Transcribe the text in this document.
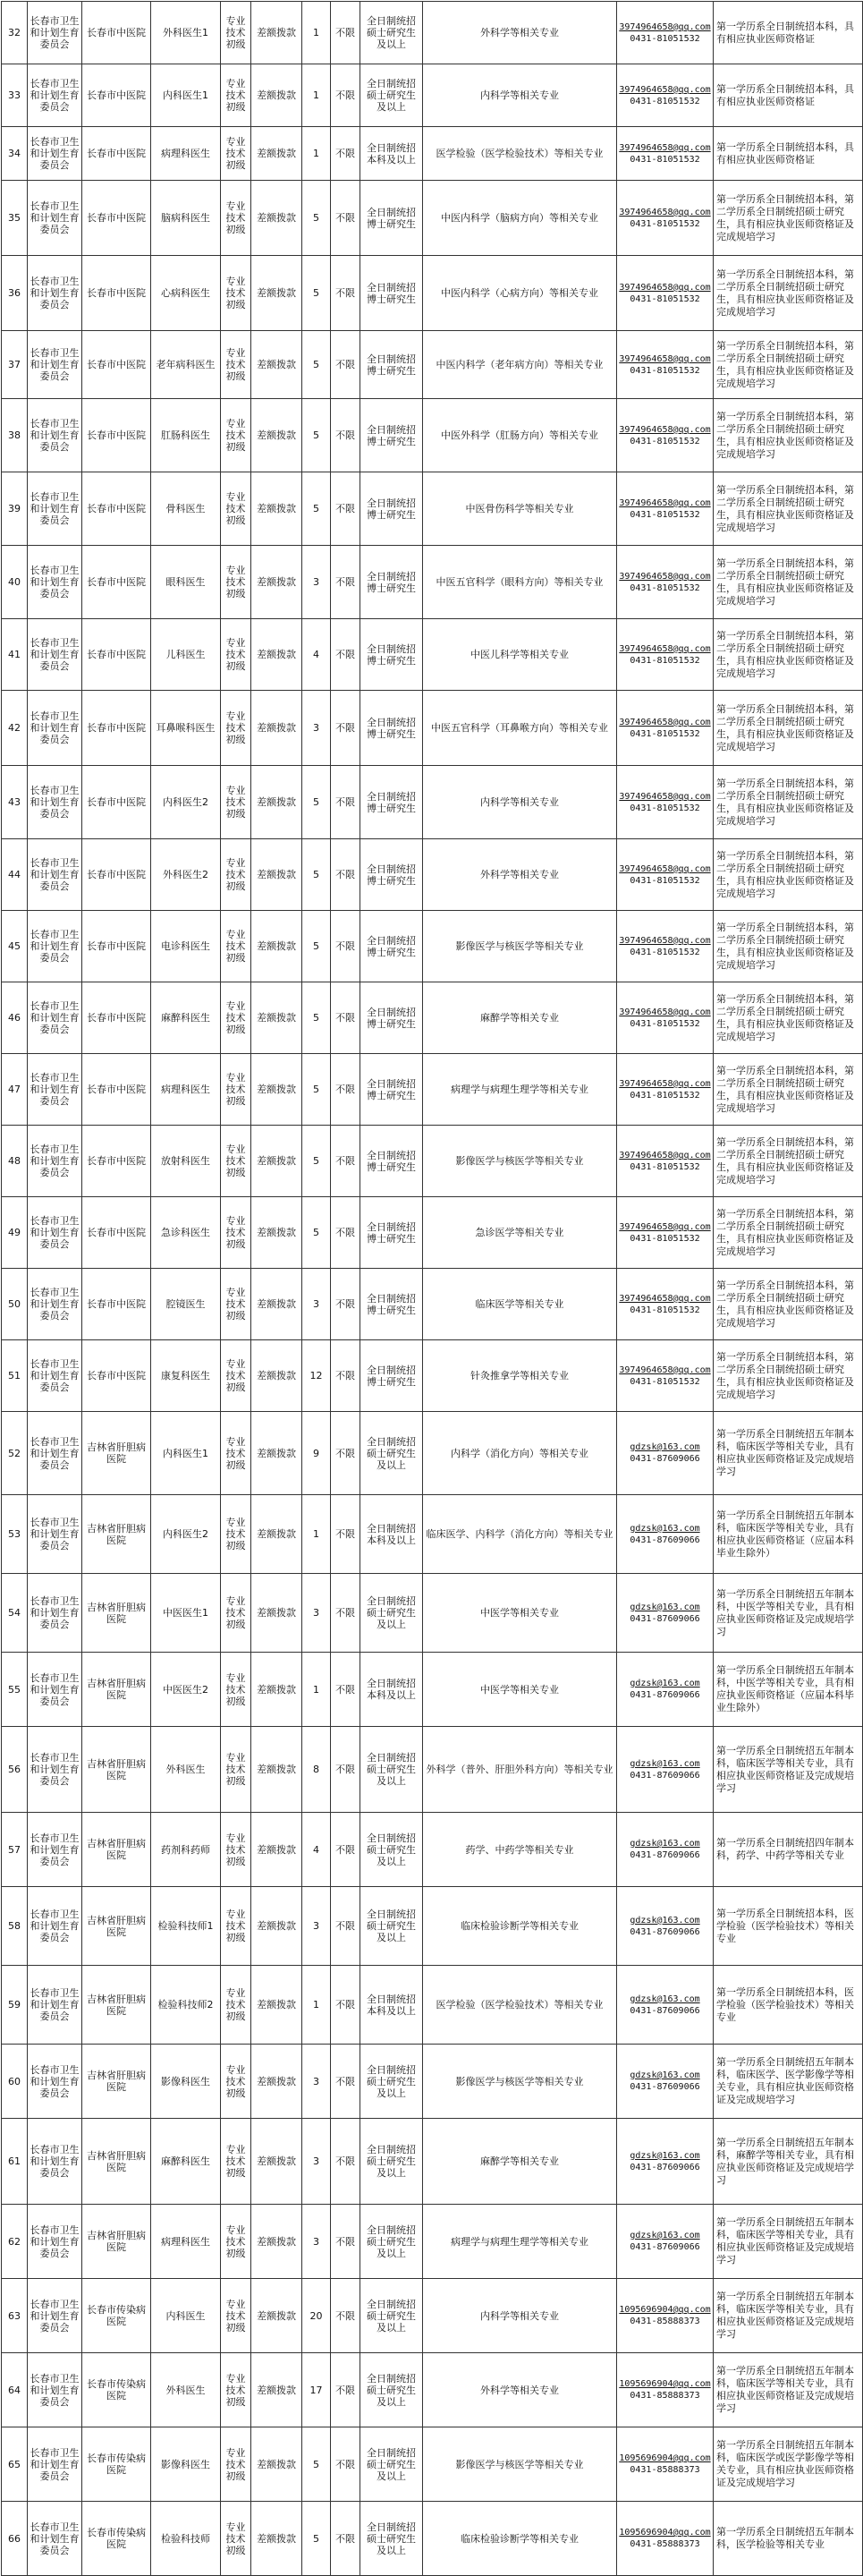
32	长春市卫生和计划生育委员会	长春市中医院	外科医生1	专业技术初级	差额拨款	1	不限	全日制统招硕士研究生及以上	外科学等相关专业	3974964658@qq.com
0431-81051532	第一学历系全日制统招本科，具有相应执业医师资格证
33	长春市卫生和计划生育委员会	长春市中医院	内科医生1	专业技术初级	差额拨款	1	不限	全日制统招硕士研究生及以上	内科学等相关专业	3974964658@qq.com
0431-81051532	第一学历系全日制统招本科，具有相应执业医师资格证
34	长春市卫生和计划生育委员会	长春市中医院	病理科医生	专业技术初级	差额拨款	1	不限	全日制统招本科及以上	医学检验（医学检验技术）等相关专业	3974964658@qq.com
0431-81051532	第一学历系全日制统招本科，具有相应执业医师资格证
35	长春市卫生和计划生育委员会	长春市中医院	脑病科医生	专业技术初级	差额拨款	5	不限	全日制统招博士研究生	中医内科学（脑病方向）等相关专业	3974964658@qq.com
0431-81051532	第一学历系全日制统招本科，第二学历系全日制统招硕士研究生，具有相应执业医师资格证及完成规培学习
36	长春市卫生和计划生育委员会	长春市中医院	心病科医生	专业技术初级	差额拨款	5	不限	全日制统招博士研究生	中医内科学（心病方向）等相关专业	3974964658@qq.com
0431-81051532	第一学历系全日制统招本科，第二学历系全日制统招硕士研究生，具有相应执业医师资格证及完成规培学习
37	长春市卫生和计划生育委员会	长春市中医院	老年病科医生	专业技术初级	差额拨款	5	不限	全日制统招博士研究生	中医内科学（老年病方向）等相关专业	3974964658@qq.com
0431-81051532	第一学历系全日制统招本科，第二学历系全日制统招硕士研究生，具有相应执业医师资格证及完成规培学习
38	长春市卫生和计划生育委员会	长春市中医院	肛肠科医生	专业技术初级	差额拨款	5	不限	全日制统招博士研究生	中医外科学（肛肠方向）等相关专业	3974964658@qq.com
0431-81051532	第一学历系全日制统招本科，第二学历系全日制统招硕士研究生，具有相应执业医师资格证及完成规培学习
39	长春市卫生和计划生育委员会	长春市中医院	骨科医生	专业技术初级	差额拨款	5	不限	全日制统招博士研究生	中医骨伤科学等相关专业	3974964658@qq.com
0431-81051532	第一学历系全日制统招本科，第二学历系全日制统招硕士研究生，具有相应执业医师资格证及完成规培学习
40	长春市卫生和计划生育委员会	长春市中医院	眼科医生	专业技术初级	差额拨款	3	不限	全日制统招博士研究生	中医五官科学（眼科方向）等相关专业	3974964658@qq.com
0431-81051532	第一学历系全日制统招本科，第二学历系全日制统招硕士研究生，具有相应执业医师资格证及完成规培学习
41	长春市卫生和计划生育委员会	长春市中医院	儿科医生	专业技术初级	差额拨款	4	不限	全日制统招博士研究生	中医儿科学等相关专业	3974964658@qq.com
0431-81051532	第一学历系全日制统招本科，第二学历系全日制统招硕士研究生，具有相应执业医师资格证及完成规培学习
42	长春市卫生和计划生育委员会	长春市中医院	耳鼻喉科医生	专业技术初级	差额拨款	3	不限	全日制统招博士研究生	中医五官科学（耳鼻喉方向）等相关专业	3974964658@qq.com
0431-81051532	第一学历系全日制统招本科，第二学历系全日制统招硕士研究生，具有相应执业医师资格证及完成规培学习
43	长春市卫生和计划生育委员会	长春市中医院	内科医生2	专业技术初级	差额拨款	5	不限	全日制统招博士研究生	内科学等相关专业	3974964658@qq.com
0431-81051532	第一学历系全日制统招本科，第二学历系全日制统招硕士研究生，具有相应执业医师资格证及完成规培学习
44	长春市卫生和计划生育委员会	长春市中医院	外科医生2	专业技术初级	差额拨款	5	不限	全日制统招博士研究生	外科学等相关专业	3974964658@qq.com
0431-81051532	第一学历系全日制统招本科，第二学历系全日制统招硕士研究生，具有相应执业医师资格证及完成规培学习
45	长春市卫生和计划生育委员会	长春市中医院	电诊科医生	专业技术初级	差额拨款	5	不限	全日制统招博士研究生	影像医学与核医学等相关专业	3974964658@qq.com
0431-81051532	第一学历系全日制统招本科，第二学历系全日制统招硕士研究生，具有相应执业医师资格证及完成规培学习
46	长春市卫生和计划生育委员会	长春市中医院	麻醉科医生	专业技术初级	差额拨款	5	不限	全日制统招博士研究生	麻醉学等相关专业	3974964658@qq.com
0431-81051532	第一学历系全日制统招本科，第二学历系全日制统招硕士研究生，具有相应执业医师资格证及完成规培学习
47	长春市卫生和计划生育委员会	长春市中医院	病理科医生	专业技术初级	差额拨款	5	不限	全日制统招博士研究生	病理学与病理生理学等相关专业	3974964658@qq.com
0431-81051532	第一学历系全日制统招本科，第二学历系全日制统招硕士研究生，具有相应执业医师资格证及完成规培学习
48	长春市卫生和计划生育委员会	长春市中医院	放射科医生	专业技术初级	差额拨款	5	不限	全日制统招博士研究生	影像医学与核医学等相关专业	3974964658@qq.com
0431-81051532	第一学历系全日制统招本科，第二学历系全日制统招硕士研究生，具有相应执业医师资格证及完成规培学习
49	长春市卫生和计划生育委员会	长春市中医院	急诊科医生	专业技术初级	差额拨款	5	不限	全日制统招博士研究生	急诊医学等相关专业	3974964658@qq.com
0431-81051532	第一学历系全日制统招本科，第二学历系全日制统招硕士研究生，具有相应执业医师资格证及完成规培学习
50	长春市卫生和计划生育委员会	长春市中医院	腔镜医生	专业技术初级	差额拨款	3	不限	全日制统招博士研究生	临床医学等相关专业	3974964658@qq.com
0431-81051532	第一学历系全日制统招本科，第二学历系全日制统招硕士研究生，具有相应执业医师资格证及完成规培学习
51	长春市卫生和计划生育委员会	长春市中医院	康复科医生	专业技术初级	差额拨款	12	不限	全日制统招博士研究生	针灸推拿学等相关专业	3974964658@qq.com
0431-81051532	第一学历系全日制统招本科，第二学历系全日制统招硕士研究生，具有相应执业医师资格证及完成规培学习
52	长春市卫生和计划生育委员会	吉林省肝胆病医院	内科医生1	专业技术初级	差额拨款	9	不限	全日制统招硕士研究生及以上	内科学（消化方向）等相关专业	gdzsk@163.com
0431-87609066	第一学历系全日制统招五年制本科，临床医学等相关专业，具有相应执业医师资格证及完成规培学习
53	长春市卫生和计划生育委员会	吉林省肝胆病医院	内科医生2	专业技术初级	差额拨款	1	不限	全日制统招本科及以上	临床医学、内科学（消化方向）等相关专业	gdzsk@163.com
0431-87609066	第一学历系全日制统招五年制本科，临床医学等相关专业，具有相应执业医师资格证（应届本科毕业生除外）
54	长春市卫生和计划生育委员会	吉林省肝胆病医院	中医医生1	专业技术初级	差额拨款	3	不限	全日制统招硕士研究生及以上	中医学等相关专业	gdzsk@163.com
0431-87609066	第一学历系全日制统招五年制本科，中医学等相关专业，具有相应执业医师资格证及完成规培学习
55	长春市卫生和计划生育委员会	吉林省肝胆病医院	中医医生2	专业技术初级	差额拨款	1	不限	全日制统招本科及以上	中医学等相关专业	gdzsk@163.com
0431-87609066	第一学历系全日制统招五年制本科，中医学等相关专业，具有相应执业医师资格证（应届本科毕业生除外）
56	长春市卫生和计划生育委员会	吉林省肝胆病医院	外科医生	专业技术初级	差额拨款	8	不限	全日制统招硕士研究生及以上	外科学（普外、肝胆外科方向）等相关专业	gdzsk@163.com
0431-87609066	第一学历系全日制统招五年制本科，临床医学等相关专业，具有相应执业医师资格证及完成规培学习
57	长春市卫生和计划生育委员会	吉林省肝胆病医院	药剂科药师	专业技术初级	差额拨款	4	不限	全日制统招硕士研究生及以上	药学、中药学等相关专业	gdzsk@163.com
0431-87609066	第一学历系全日制统招四年制本科，药学、中药学等相关专业
58	长春市卫生和计划生育委员会	吉林省肝胆病医院	检验科技师1	专业技术初级	差额拨款	3	不限	全日制统招硕士研究生及以上	临床检验诊断学等相关专业	gdzsk@163.com
0431-87609066	第一学历系全日制统招本科，医学检验（医学检验技术）等相关专业
59	长春市卫生和计划生育委员会	吉林省肝胆病医院	检验科技师2	专业技术初级	差额拨款	1	不限	全日制统招本科及以上	医学检验（医学检验技术）等相关专业	gdzsk@163.com
0431-87609066	第一学历系全日制统招本科，医学检验（医学检验技术）等相关专业
60	长春市卫生和计划生育委员会	吉林省肝胆病医院	影像科医生	专业技术初级	差额拨款	3	不限	全日制统招硕士研究生及以上	影像医学与核医学等相关专业	gdzsk@163.com
0431-87609066	第一学历系全日制统招五年制本科，临床医学、医学影像学等相关专业，具有相应执业医师资格证及完成规培学习
61	长春市卫生和计划生育委员会	吉林省肝胆病医院	麻醉科医生	专业技术初级	差额拨款	3	不限	全日制统招硕士研究生及以上	麻醉学等相关专业	gdzsk@163.com
0431-87609066	第一学历系全日制统招五年制本科，麻醉学等相关专业，具有相应执业医师资格证及完成规培学习
62	长春市卫生和计划生育委员会	吉林省肝胆病医院	病理科医生	专业技术初级	差额拨款	3	不限	全日制统招硕士研究生及以上	病理学与病理生理学等相关专业	gdzsk@163.com
0431-87609066	第一学历系全日制统招五年制本科，临床医学等相关专业，具有相应执业医师资格证及完成规培学习
63	长春市卫生和计划生育委员会	长春市传染病医院	内科医生	专业技术初级	差额拨款	20	不限	全日制统招硕士研究生及以上	内科学等相关专业	1095696904@qq.com
0431-85888373	第一学历系全日制统招五年制本科，临床医学等相关专业，具有相应执业医师资格证及完成规培学习
64	长春市卫生和计划生育委员会	长春市传染病医院	外科医生	专业技术初级	差额拨款	17	不限	全日制统招硕士研究生及以上	外科学等相关专业	1095696904@qq.com
0431-85888373	第一学历系全日制统招五年制本科，临床医学等相关专业，具有相应执业医师资格证及完成规培学习
65	长春市卫生和计划生育委员会	长春市传染病医院	影像科医生	专业技术初级	差额拨款	5	不限	全日制统招硕士研究生及以上	影像医学与核医学等相关专业	1095696904@qq.com
0431-85888373	第一学历系全日制统招五年制本科，临床医学或医学影像学等相关专业，具有相应执业医师资格证及完成规培学习
66	长春市卫生和计划生育委员会	长春市传染病医院	检验科技师	专业技术初级	差额拨款	5	不限	全日制统招硕士研究生及以上	临床检验诊断学等相关专业	1095696904@qq.com
0431-85888373	第一学历系全日制统招五年制本科，医学检验等相关专业
